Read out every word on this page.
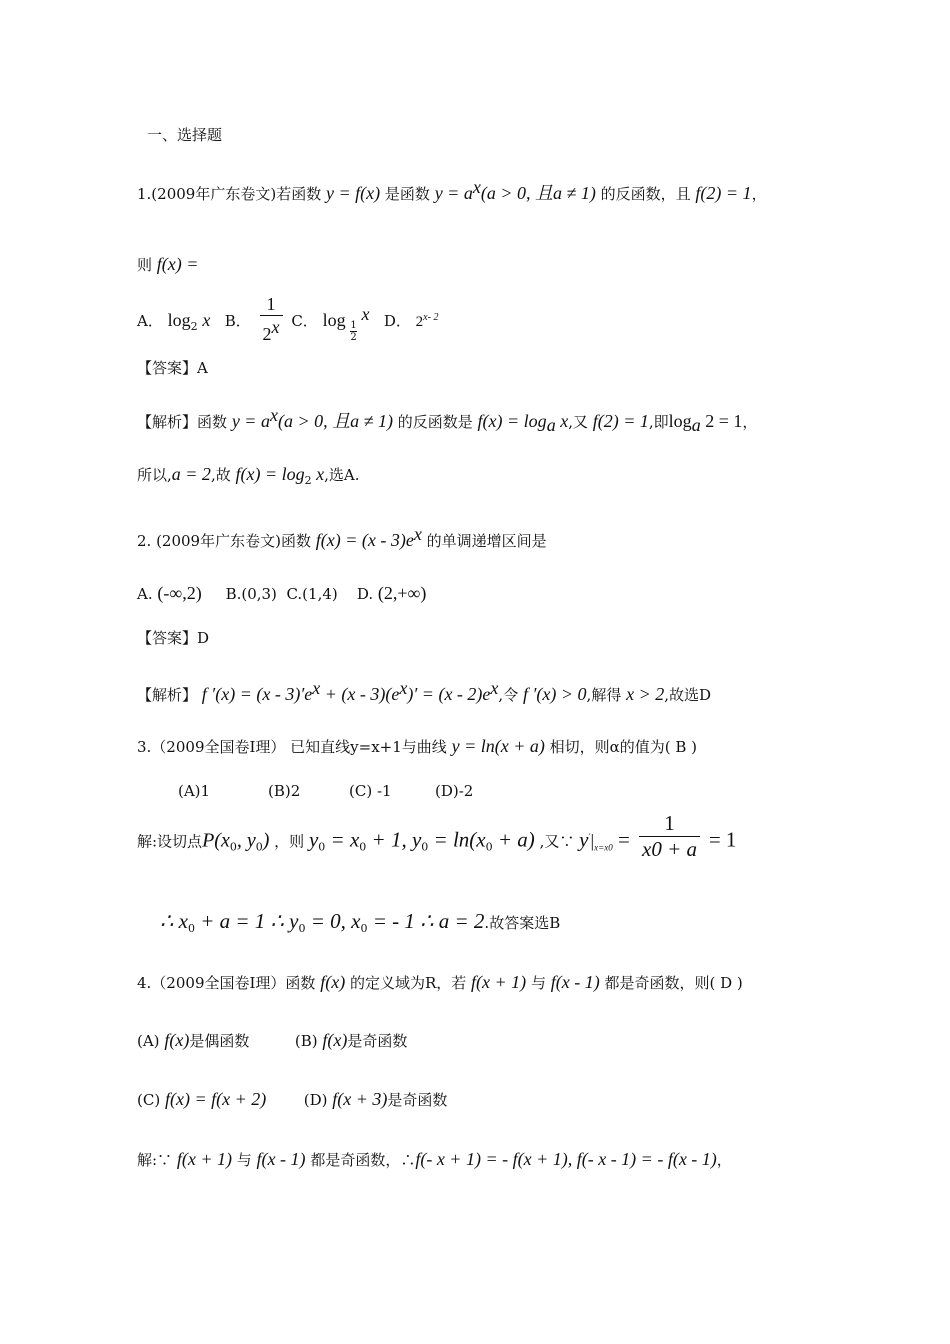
一、选择题
1.(2009年广东卷文)若函数 y = f(x) 是函数 $y = a^x(a > 0$, 且a ≠ 1) 的反函数，且 f(2) = 1，
则 f(x) =
A． $\log_2 x$ B． $\frac{1}{2^x}$ C． $\log \frac{1}{2}$
x D． 2$^{x- 2}$
【答案】A
【解析】函数 $y = a^x(a > 0$, 且a ≠ 1) 的反函数是 $f(x) = \log_a x$,又 f(2) = 1,即$\log_a 2 = 1$，
所以,a = 2,故 $f(x) = \log_2 x$,选A.
2. (2009年广东卷文)函数 $f(x) = (x - 3)e^x$ 的单调递增区间是
A. (-∞,2) B.(0,3) C.(1,4) D. (2,+∞)
【答案】D
【解析】 f $'(x) = (x - 3)'e^x + (x - 3)(e^x)' = (x - 2)e^x$,令 f ′(x) > 0,解得 x > 2,故选D
3.（2009全国卷Ⅰ理） 已知直线y=x+1与曲线 y = ln(x + a) 相切，则α的值为( B )
(A)1	(B)2	(C) -1	(D)-2
解:设切点$P(x_0$, $y_0$) ，则 $y_0 = x_0 + 1$, $y_0 = \ln(x_0 + a)$ ,又∵ $y'|_{x=x0} = \frac{1}{x0 + a} = 1$
∴ $x_0 + a = 1$ ∴ $y_0 = 0$, $x_0$ = - 1 ∴ a = 2.故答案选B
4.（2009全国卷Ⅰ理）函数 f(x) 的定义域为R，若 f(x + 1) 与 f(x - 1) 都是奇函数，则( D )
(A) f(x)是偶函数	(B) f(x)是奇函数
(C) f(x) = f(x + 2)	(D) f(x + 3)是奇函数
解:∵ f(x + 1) 与 f(x - 1) 都是奇函数，∴f(- x + 1) = - f(x + 1), f(- x - 1) = - f(x - 1)，
